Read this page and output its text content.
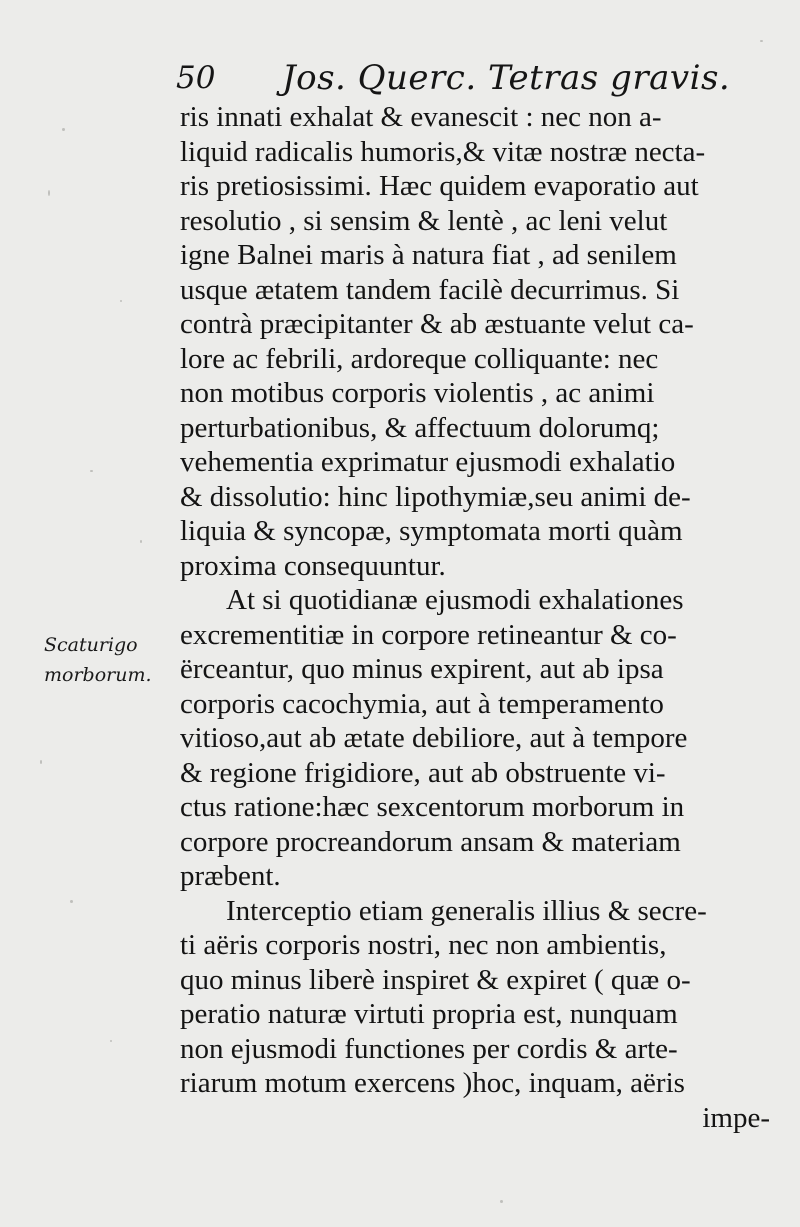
50 Jos. Querc. Tetras gravis.
Scaturigo
morborum.
ris innati exhalat & evanescit : nec non a-
liquid radicalis humoris,& vitæ nostræ necta-
ris pretiosissimi. Hæc quidem evaporatio aut
resolutio , si sensim & lentè , ac leni velut
igne Balnei maris à natura fiat , ad senilem
usque ætatem tandem facilè decurrimus. Si
contrà præcipitanter & ab æstuante velut ca-
lore ac febrili, ardoreque colliquante: nec
non motibus corporis violentis , ac animi
perturbationibus, & affectuum dolorumq;
vehementia exprimatur ejusmodi exhalatio
& dissolutio: hinc lipothymiæ,seu animi de-
liquia & syncopæ, symptomata morti quàm
proxima consequuntur.
At si quotidianæ ejusmodi exhalationes
excrementitiæ in corpore retineantur & co-
ërceantur, quo minus expirent, aut ab ipsa
corporis cacochymia, aut à temperamento
vitioso,aut ab ætate debiliore, aut à tempore
& regione frigidiore, aut ab obstruente vi-
ctus ratione:hæc sexcentorum morborum in
corpore procreandorum ansam & materiam
præbent.
Interceptio etiam generalis illius & secre-
ti aëris corporis nostri, nec non ambientis,
quo minus liberè inspiret & expiret ( quæ o-
peratio naturæ virtuti propria est, nunquam
non ejusmodi functiones per cordis & arte-
riarum motum exercens )hoc, inquam, aëris
impe-
